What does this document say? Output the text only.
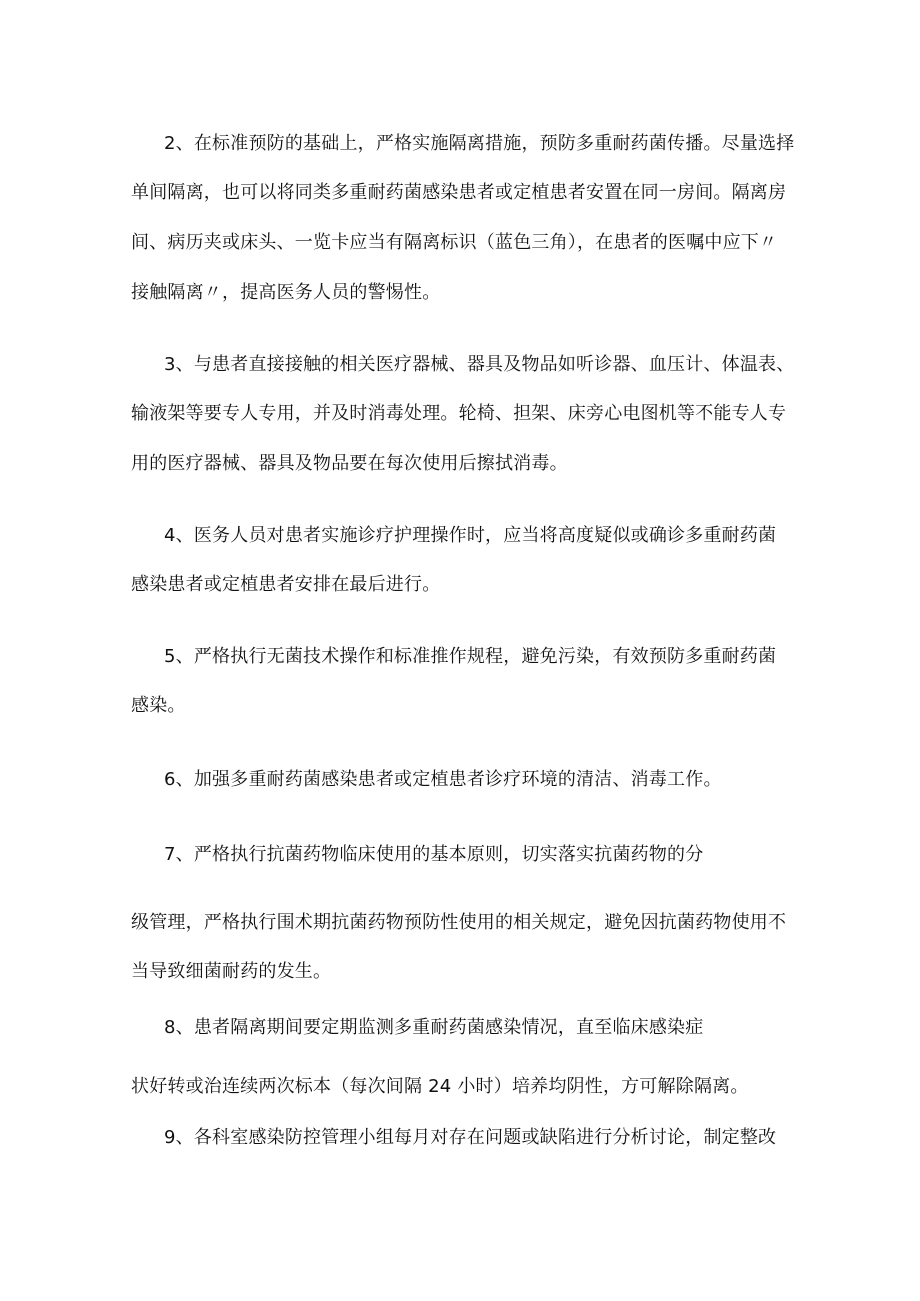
2、在标准预防的基础上，严格实施隔离措施，预防多重耐药菌传播。尽量选择
单间隔离，也可以将同类多重耐药菌感染患者或定植患者安置在同一房间。隔离房
间、病历夹或床头、一览卡应当有隔离标识（蓝色三角），在患者的医嘱中应下〃
接触隔离〃，提高医务人员的警惕性。
3、与患者直接接触的相关医疗器械、器具及物品如听诊器、血压计、体温表、
输液架等要专人专用，并及时消毒处理。轮椅、担架、床旁心电图机等不能专人专
用的医疗器械、器具及物品要在每次使用后擦拭消毒。
4、医务人员对患者实施诊疗护理操作时，应当将高度疑似或确诊多重耐药菌
感染患者或定植患者安排在最后进行。
5、严格执行无菌技术操作和标准推作规程，避免污染，有效预防多重耐药菌
感染。
6、加强多重耐药菌感染患者或定植患者诊疗环境的清洁、消毒工作。
7、严格执行抗菌药物临床使用的基本原则，切实落实抗菌药物的分
级管理，严格执行围术期抗菌药物预防性使用的相关规定，避免因抗菌药物使用不
当导致细菌耐药的发生。
8、患者隔离期间要定期监测多重耐药菌感染情况，直至临床感染症
状好转或治连续两次标本（每次间隔 24 小时）培养均阴性，方可解除隔离。
9、各科室感染防控管理小组每月对存在问题或缺陷进行分析讨论，制定整改
